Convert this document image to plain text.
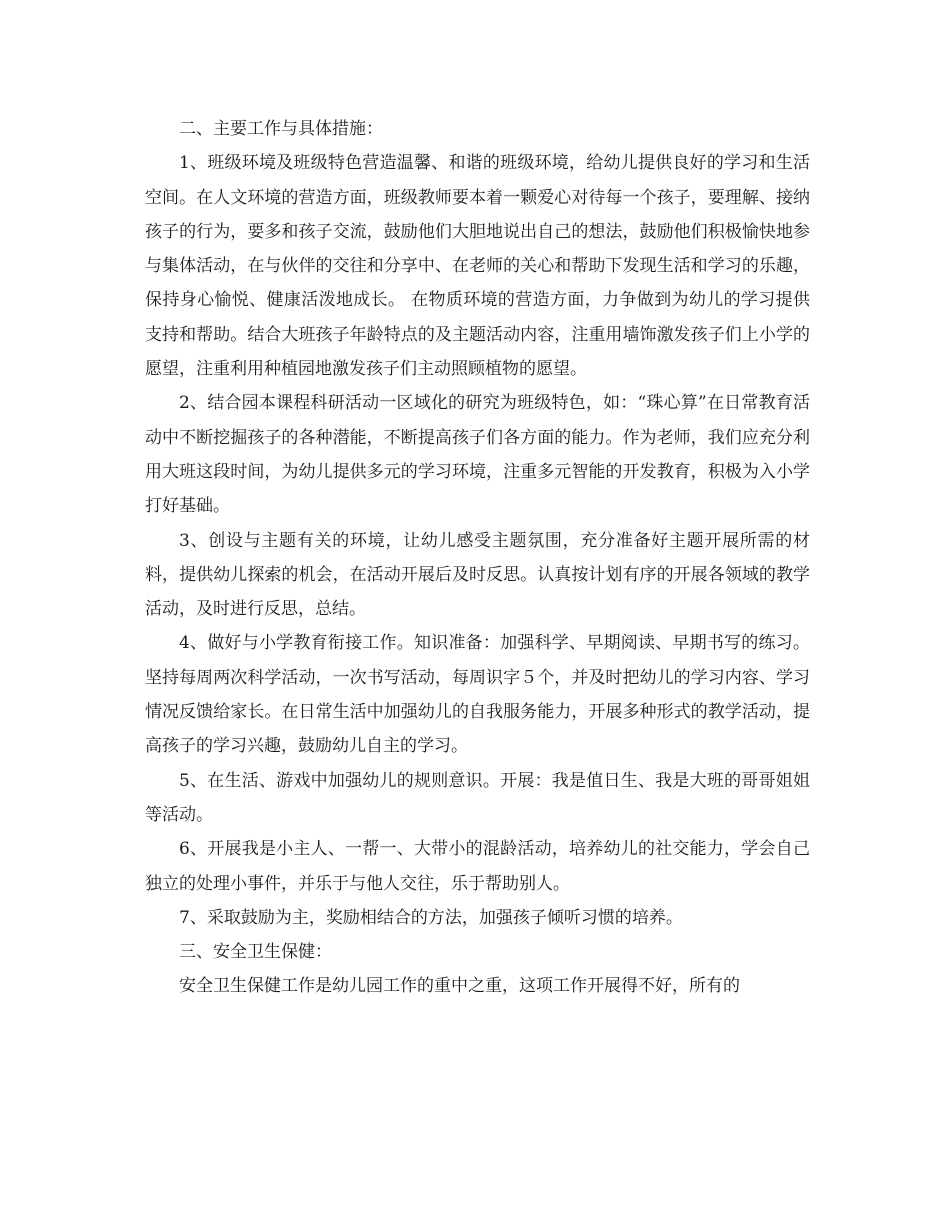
二、主要工作与具体措施：

1、班级环境及班级特色营造温馨、和谐的班级环境，给幼儿提供良好的学习和生活空间。在人文环境的营造方面，班级教师要本着一颗爱心对待每一个孩子，要理解、接纳孩子的行为，要多和孩子交流，鼓励他们大胆地说出自己的想法，鼓励他们积极愉快地参与集体活动，在与伙伴的交往和分享中、在老师的关心和帮助下发现生活和学习的乐趣，保持身心愉悦、健康活泼地成长。 在物质环境的营造方面，力争做到为幼儿的学习提供支持和帮助。结合大班孩子年龄特点的及主题活动内容，注重用墙饰激发孩子们上小学的愿望，注重利用种植园地激发孩子们主动照顾植物的愿望。

2、结合园本课程科研活动一区域化的研究为班级特色，如：“珠心算”在日常教育活动中不断挖掘孩子的各种潜能，不断提高孩子们各方面的能力。作为老师，我们应充分利用大班这段时间，为幼儿提供多元的学习环境，注重多元智能的开发教育，积极为入小学打好基础。

3、创设与主题有关的环境，让幼儿感受主题氛围，充分准备好主题开展所需的材料，提供幼儿探索的机会，在活动开展后及时反思。认真按计划有序的开展各领域的教学活动，及时进行反思，总结。

4、做好与小学教育衔接工作。知识准备：加强科学、早期阅读、早期书写的练习。坚持每周两次科学活动，一次书写活动，每周识字５个，并及时把幼儿的学习内容、学习情况反馈给家长。在日常生活中加强幼儿的自我服务能力，开展多种形式的教学活动，提高孩子的学习兴趣，鼓励幼儿自主的学习。

5、在生活、游戏中加强幼儿的规则意识。开展：我是值日生、我是大班的哥哥姐姐等活动。

6、开展我是小主人、一帮一、大带小的混龄活动，培养幼儿的社交能力，学会自己独立的处理小事件，并乐于与他人交往，乐于帮助别人。

7、采取鼓励为主，奖励相结合的方法，加强孩子倾听习惯的培养。

三、安全卫生保健：

安全卫生保健工作是幼儿园工作的重中之重，这项工作开展得不好，所有的
